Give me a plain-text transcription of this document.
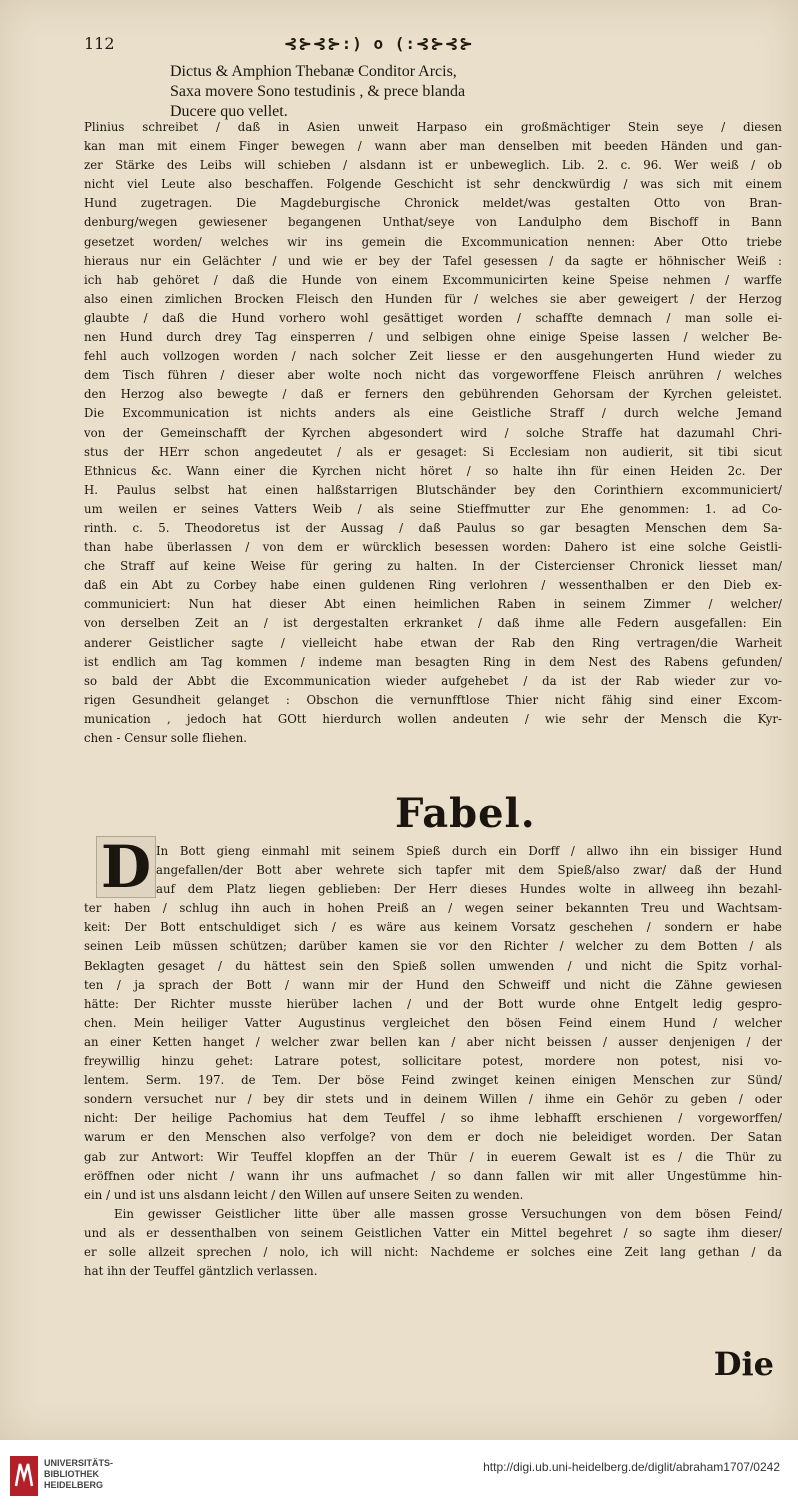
112	⊰⊱⊰⊱:) o (:⊰⊱⊰⊱
Dictus & Amphion Thebanæ Conditor Arcis,
Saxa movere Sono testudinis , & prece blanda
Ducere quo vellet.
Plinius schreibet / daß in Asien unweit Harpaso ein großmächtiger Stein seye / diesen
kan man mit einem Finger bewegen / wann aber man denselben mit beeden Händen und gan-
zer Stärke des Leibs will schieben / alsdann ist er unbeweglich. Lib. 2. c. 96. Wer weiß / ob
nicht viel Leute also beschaffen. Folgende Geschicht ist sehr denckwürdig / was sich mit einem
Hund zugetragen. Die Magdeburgische Chronick meldet/was gestalten Otto von Bran-
denburg/wegen gewiesener begangenen Unthat/seye von Landulpho dem Bischoff in Bann
gesetzet worden/ welches wir ins gemein die Excommunication nennen: Aber Otto triebe
hieraus nur ein Gelächter / und wie er bey der Tafel gesessen / da sagte er höhnischer Weiß :
ich hab gehöret / daß die Hunde von einem Excommunicirten keine Speise nehmen / warffe
also einen zimlichen Brocken Fleisch den Hunden für / welches sie aber geweigert / der Herzog
glaubte / daß die Hund vorhero wohl gesättiget worden / schaffte demnach / man solle ei-
nen Hund durch drey Tag einsperren / und selbigen ohne einige Speise lassen / welcher Be-
fehl auch vollzogen worden / nach solcher Zeit liesse er den ausgehungerten Hund wieder zu
dem Tisch führen / dieser aber wolte noch nicht das vorgeworffene Fleisch anrühren / welches
den Herzog also bewegte / daß er ferners den gebührenden Gehorsam der Kyrchen geleistet.
Die Excommunication ist nichts anders als eine Geistliche Straff / durch welche Jemand
von der Gemeinschafft der Kyrchen abgesondert wird / solche Straffe hat dazumahl Chri-
stus der HErr schon angedeutet / als er gesaget: Si Ecclesiam non audierit, sit tibi sicut
Ethnicus &c. Wann einer die Kyrchen nicht höret / so halte ihn für einen Heiden 2c. Der
H. Paulus selbst hat einen halßstarrigen Blutschänder bey den Corinthiern excommuniciert/
um weilen er seines Vatters Weib / als seine Stieffmutter zur Ehe genommen: 1. ad Co-
rinth. c. 5. Theodoretus ist der Aussag / daß Paulus so gar besagten Menschen dem Sa-
than habe überlassen / von dem er würcklich besessen worden: Dahero ist eine solche Geistli-
che Straff auf keine Weise für gering zu halten. In der Cistercienser Chronick liesset man/
daß ein Abt zu Corbey habe einen guldenen Ring verlohren / wessenthalben er den Dieb ex-
communiciert: Nun hat dieser Abt einen heimlichen Raben in seinem Zimmer / welcher/
von derselben Zeit an / ist dergestalten erkranket / daß ihme alle Federn ausgefallen: Ein
anderer Geistlicher sagte / vielleicht habe etwan der Rab den Ring vertragen/die Warheit
ist endlich am Tag kommen / indeme man besagten Ring in dem Nest des Rabens gefunden/
so bald der Abbt die Excommunication wieder aufgehebet / da ist der Rab wieder zur vo-
rigen Gesundheit gelanget : Obschon die vernunfftlose Thier nicht fähig sind einer Excom-
munication , jedoch hat GOtt hierdurch wollen andeuten / wie sehr der Mensch die Kyr-
chen - Censur solle fliehen.
Fabel.
D In Bott gieng einmahl mit seinem Spieß durch ein Dorff / allwo ihn ein bissiger Hund
angefallen/der Bott aber wehrete sich tapfer mit dem Spieß/also zwar/ daß der Hund
auf dem Platz liegen geblieben: Der Herr dieses Hundes wolte in allweeg ihn bezahl-
ter haben / schlug ihn auch in hohen Preiß an / wegen seiner bekannten Treu und Wachtsam-
keit: Der Bott entschuldiget sich / es wäre aus keinem Vorsatz geschehen / sondern er habe
seinen Leib müssen schützen; darüber kamen sie vor den Richter / welcher zu dem Botten / als
Beklagten gesaget / du hättest sein den Spieß sollen umwenden / und nicht die Spitz vorhal-
ten / ja sprach der Bott / wann mir der Hund den Schweiff und nicht die Zähne gewiesen
hätte: Der Richter musste hierüber lachen / und der Bott wurde ohne Entgelt ledig gespro-
chen. Mein heiliger Vatter Augustinus vergleichet den bösen Feind einem Hund / welcher
an einer Ketten hanget / welcher zwar bellen kan / aber nicht beissen / ausser denjenigen / der
freywillig hinzu gehet: Latrare potest, sollicitare potest, mordere non potest, nisi vo-
lentem. Serm. 197. de Tem. Der böse Feind zwinget keinen einigen Menschen zur Sünd/
sondern versuchet nur / bey dir stets und in deinem Willen / ihme ein Gehör zu geben / oder
nicht: Der heilige Pachomius hat dem Teuffel / so ihme lebhafft erschienen / vorgeworffen/
warum er den Menschen also verfolge? von dem er doch nie beleidiget worden. Der Satan
gab zur Antwort: Wir Teuffel klopffen an der Thür / in euerem Gewalt ist es / die Thür zu
eröffnen oder nicht / wann ihr uns aufmachet / so dann fallen wir mit aller Ungestümme hin-
ein / und ist uns alsdann leicht / den Willen auf unsere Seiten zu wenden.
Ein gewisser Geistlicher litte über alle massen grosse Versuchungen von dem bösen Feind/
und als er dessenthalben von seinem Geistlichen Vatter ein Mittel begehret / so sagte ihm dieser/
er solle allzeit sprechen / nolo, ich will nicht: Nachdeme er solches eine Zeit lang gethan / da
hat ihn der Teuffel gäntzlich verlassen.
Die
UNIVERSITÄTS-
BIBLIOTHEK
HEIDELBERG
http://digi.ub.uni-heidelberg.de/diglit/abraham1707/0242
